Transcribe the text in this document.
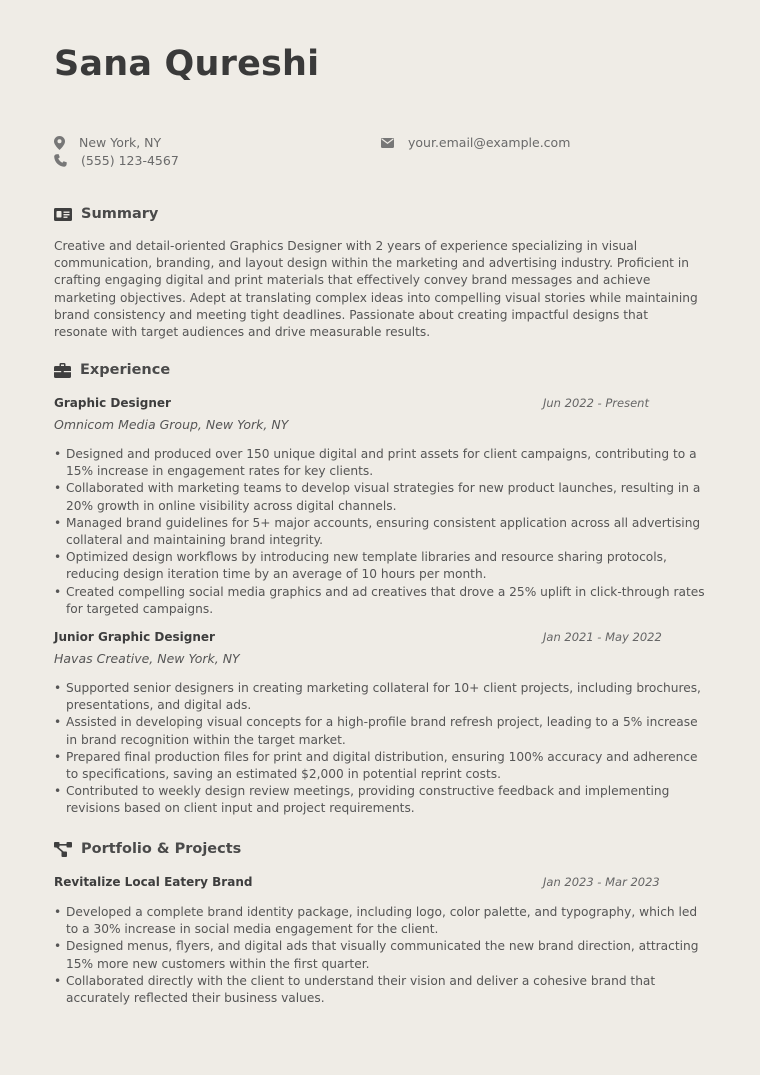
Sana Qureshi
New York, NY
(555) 123-4567
your.email@example.com
Summary

Creative and detail-oriented Graphics Designer with 2 years of experience specializing in visual communication, branding, and layout design within the marketing and advertising industry. Proficient in crafting engaging digital and print materials that effectively convey brand messages and achieve marketing objectives. Adept at translating complex ideas into compelling visual stories while maintaining brand consistency and meeting tight deadlines. Passionate about creating impactful designs that resonate with target audiences and drive measurable results.

Experience
Graphic Designer	Jun 2022 - Present
Omnicom Media Group, New York, NY
• Designed and produced over 150 unique digital and print assets for client campaigns, contributing to a 15% increase in engagement rates for key clients.
• Collaborated with marketing teams to develop visual strategies for new product launches, resulting in a 20% growth in online visibility across digital channels.
• Managed brand guidelines for 5+ major accounts, ensuring consistent application across all advertising collateral and maintaining brand integrity.
• Optimized design workflows by introducing new template libraries and resource sharing protocols, reducing design iteration time by an average of 10 hours per month.
• Created compelling social media graphics and ad creatives that drove a 25% uplift in click-through rates for targeted campaigns.
Junior Graphic Designer	Jan 2021 - May 2022
Havas Creative, New York, NY
• Supported senior designers in creating marketing collateral for 10+ client projects, including brochures, presentations, and digital ads.
• Assisted in developing visual concepts for a high-profile brand refresh project, leading to a 5% increase in brand recognition within the target market.
• Prepared final production files for print and digital distribution, ensuring 100% accuracy and adherence to specifications, saving an estimated $2,000 in potential reprint costs.
• Contributed to weekly design review meetings, providing constructive feedback and implementing revisions based on client input and project requirements.
Portfolio & Projects
Revitalize Local Eatery Brand	Jan 2023 - Mar 2023
• Developed a complete brand identity package, including logo, color palette, and typography, which led to a 30% increase in social media engagement for the client.
• Designed menus, flyers, and digital ads that visually communicated the new brand direction, attracting 15% more new customers within the first quarter.
• Collaborated directly with the client to understand their vision and deliver a cohesive brand that accurately reflected their business values.
